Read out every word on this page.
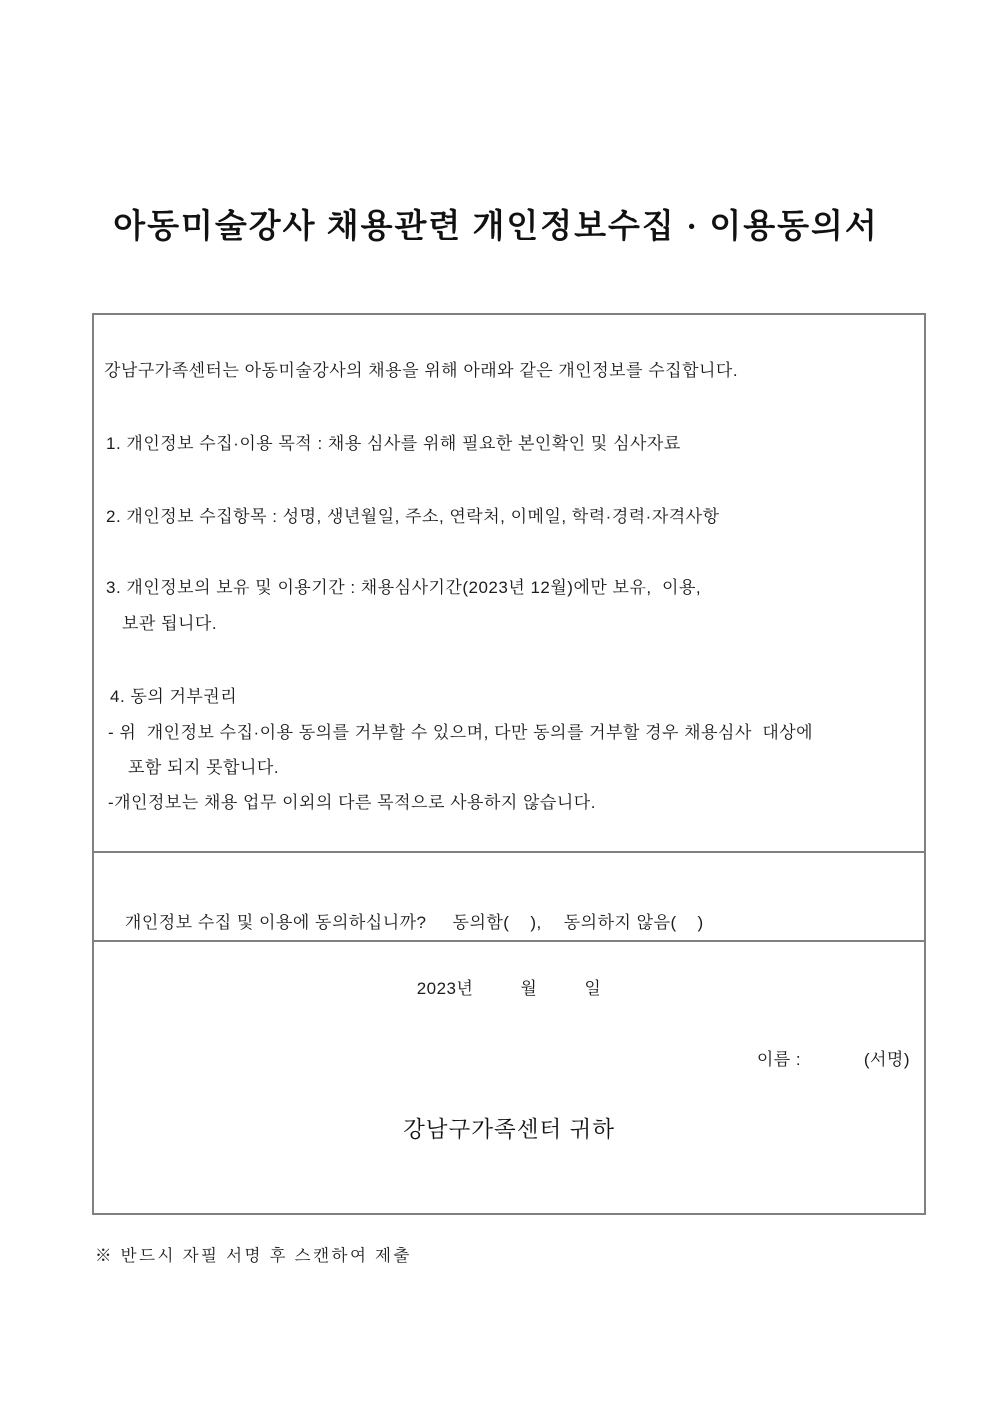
아동미술강사 채용관련 개인정보수집 · 이용동의서
강남구가족센터는 아동미술강사의 채용을 위해 아래와 같은 개인정보를 수집합니다.
1. 개인정보 수집·이용 목적 : 채용 심사를 위해 필요한 본인확인 및 심사자료
2. 개인정보 수집항목 : 성명, 생년월일, 주소, 연락처, 이메일, 학력·경력·자격사항
3. 개인정보의 보유 및 이용기간 : 채용심사기간(2023년 12월)에만 보유,  이용,
보관 됩니다.
4. 동의 거부권리
- 위  개인정보 수집·이용 동의를 거부할 수 있으며, 다만 동의를 거부할 경우 채용심사  대상에
포함 되지 못합니다.
-개인정보는 채용 업무 이외의 다른 목적으로 사용하지 않습니다.

개인정보 수집 및 이용에 동의하십니까? 동의함(    ), 동의하지 않음(    )

2023년         월         일
이름 :            (서명)
강남구가족센터 귀하
※ 반드시 자필 서명 후 스캔하여 제출
